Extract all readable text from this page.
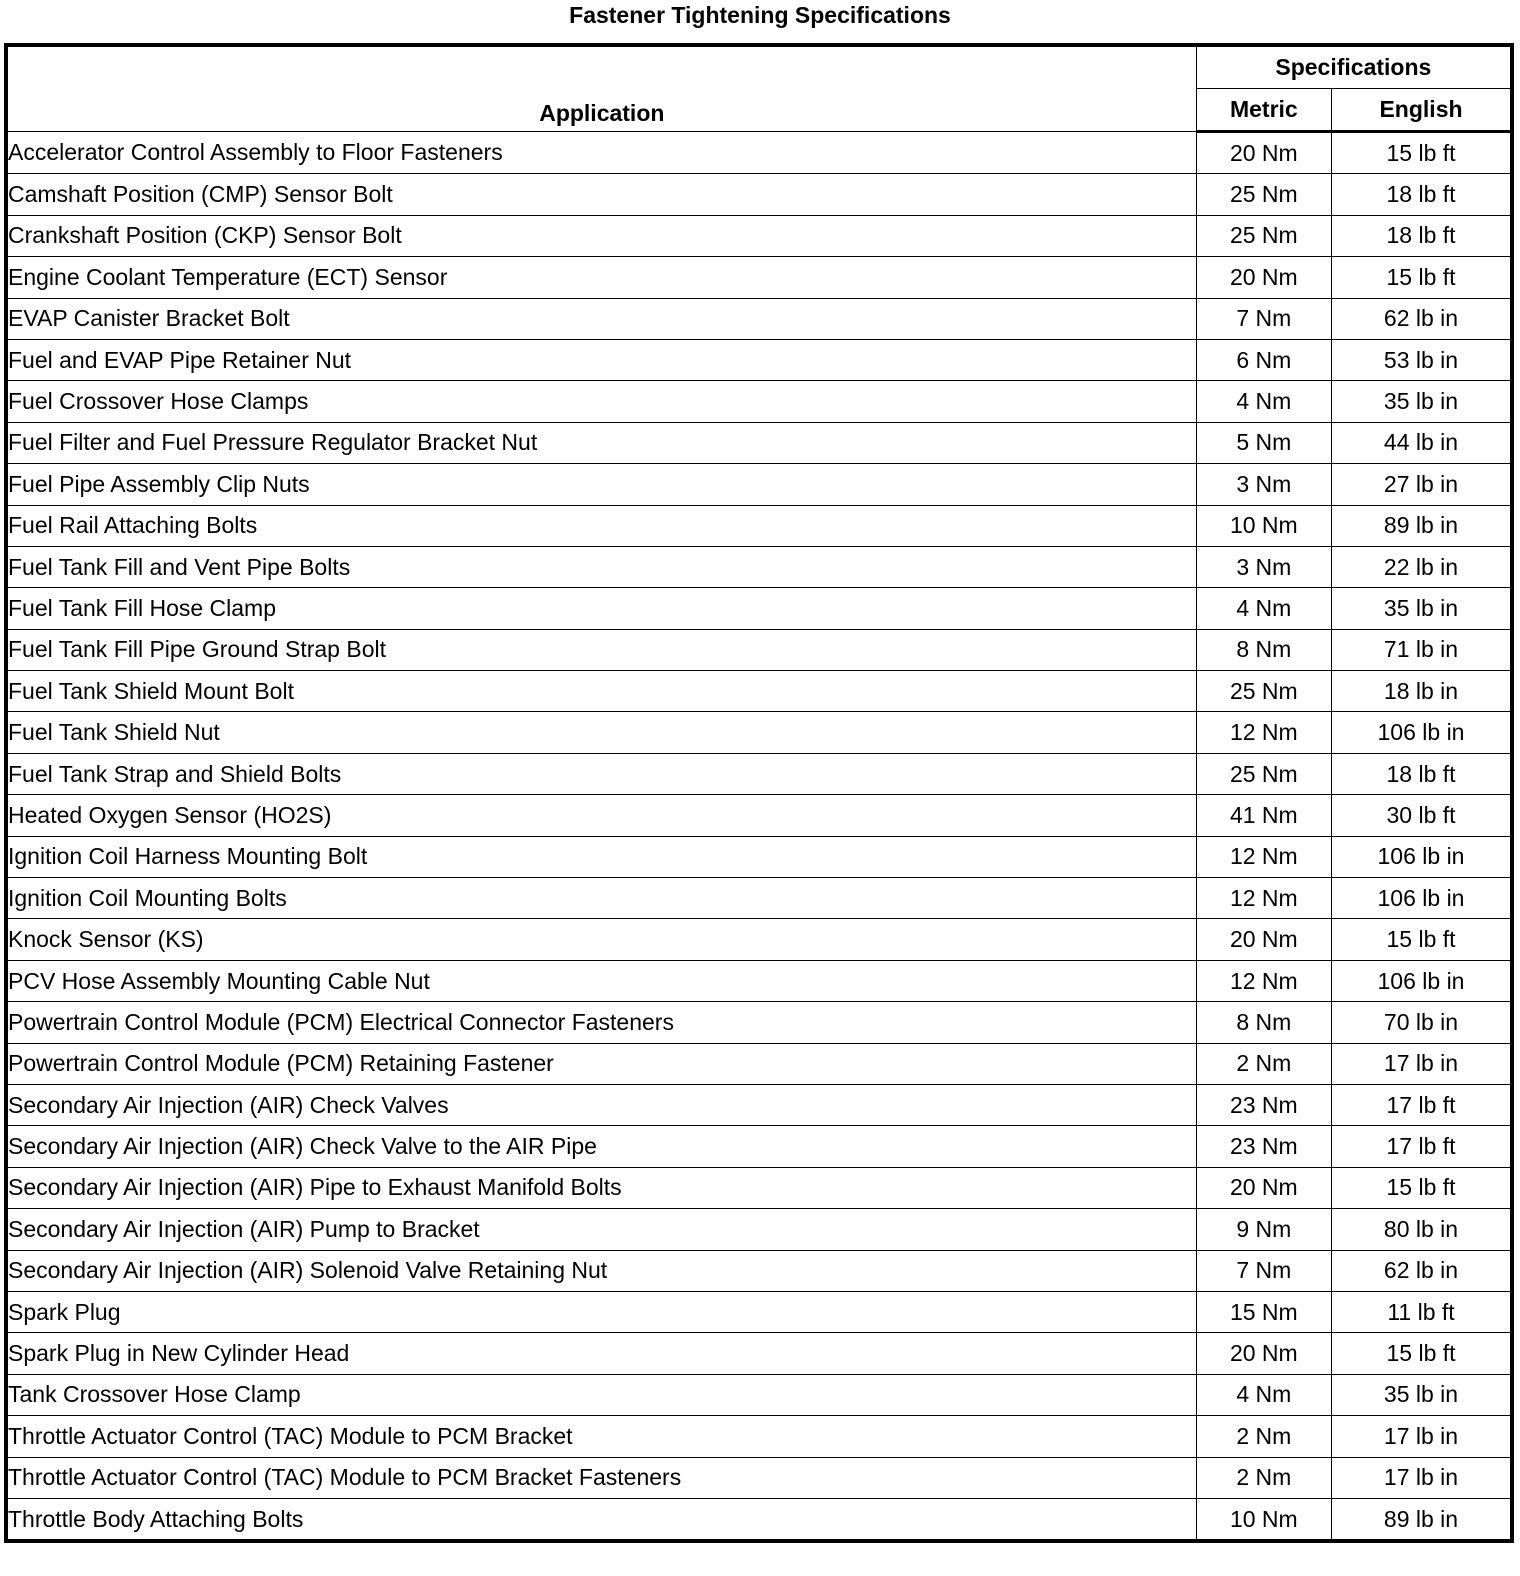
Fastener Tightening Specifications
Application	Specifications	
	Metric	English
Accelerator Control Assembly to Floor Fasteners	20 Nm	15 lb ft
Camshaft Position (CMP) Sensor Bolt	25 Nm	18 lb ft
Crankshaft Position (CKP) Sensor Bolt	25 Nm	18 lb ft
Engine Coolant Temperature (ECT) Sensor	20 Nm	15 lb ft
EVAP Canister Bracket Bolt	7 Nm	62 lb in
Fuel and EVAP Pipe Retainer Nut	6 Nm	53 lb in
Fuel Crossover Hose Clamps	4 Nm	35 lb in
Fuel Filter and Fuel Pressure Regulator Bracket Nut	5 Nm	44 lb in
Fuel Pipe Assembly Clip Nuts	3 Nm	27 lb in
Fuel Rail Attaching Bolts	10 Nm	89 lb in
Fuel Tank Fill and Vent Pipe Bolts	3 Nm	22 lb in
Fuel Tank Fill Hose Clamp	4 Nm	35 lb in
Fuel Tank Fill Pipe Ground Strap Bolt	8 Nm	71 lb in
Fuel Tank Shield Mount Bolt	25 Nm	18 lb in
Fuel Tank Shield Nut	12 Nm	106 lb in
Fuel Tank Strap and Shield Bolts	25 Nm	18 lb ft
Heated Oxygen Sensor (HO2S)	41 Nm	30 lb ft
Ignition Coil Harness Mounting Bolt	12 Nm	106 lb in
Ignition Coil Mounting Bolts	12 Nm	106 lb in
Knock Sensor (KS)	20 Nm	15 lb ft
PCV Hose Assembly Mounting Cable Nut	12 Nm	106 lb in
Powertrain Control Module (PCM) Electrical Connector Fasteners	8 Nm	70 lb in
Powertrain Control Module (PCM) Retaining Fastener	2 Nm	17 lb in
Secondary Air Injection (AIR) Check Valves	23 Nm	17 lb ft
Secondary Air Injection (AIR) Check Valve to the AIR Pipe	23 Nm	17 lb ft
Secondary Air Injection (AIR) Pipe to Exhaust Manifold Bolts	20 Nm	15 lb ft
Secondary Air Injection (AIR) Pump to Bracket	9 Nm	80 lb in
Secondary Air Injection (AIR) Solenoid Valve Retaining Nut	7 Nm	62 lb in
Spark Plug	15 Nm	11 lb ft
Spark Plug in New Cylinder Head	20 Nm	15 lb ft
Tank Crossover Hose Clamp	4 Nm	35 lb in
Throttle Actuator Control (TAC) Module to PCM Bracket	2 Nm	17 lb in
Throttle Actuator Control (TAC) Module to PCM Bracket Fasteners	2 Nm	17 lb in
Throttle Body Attaching Bolts	10 Nm	89 lb in
